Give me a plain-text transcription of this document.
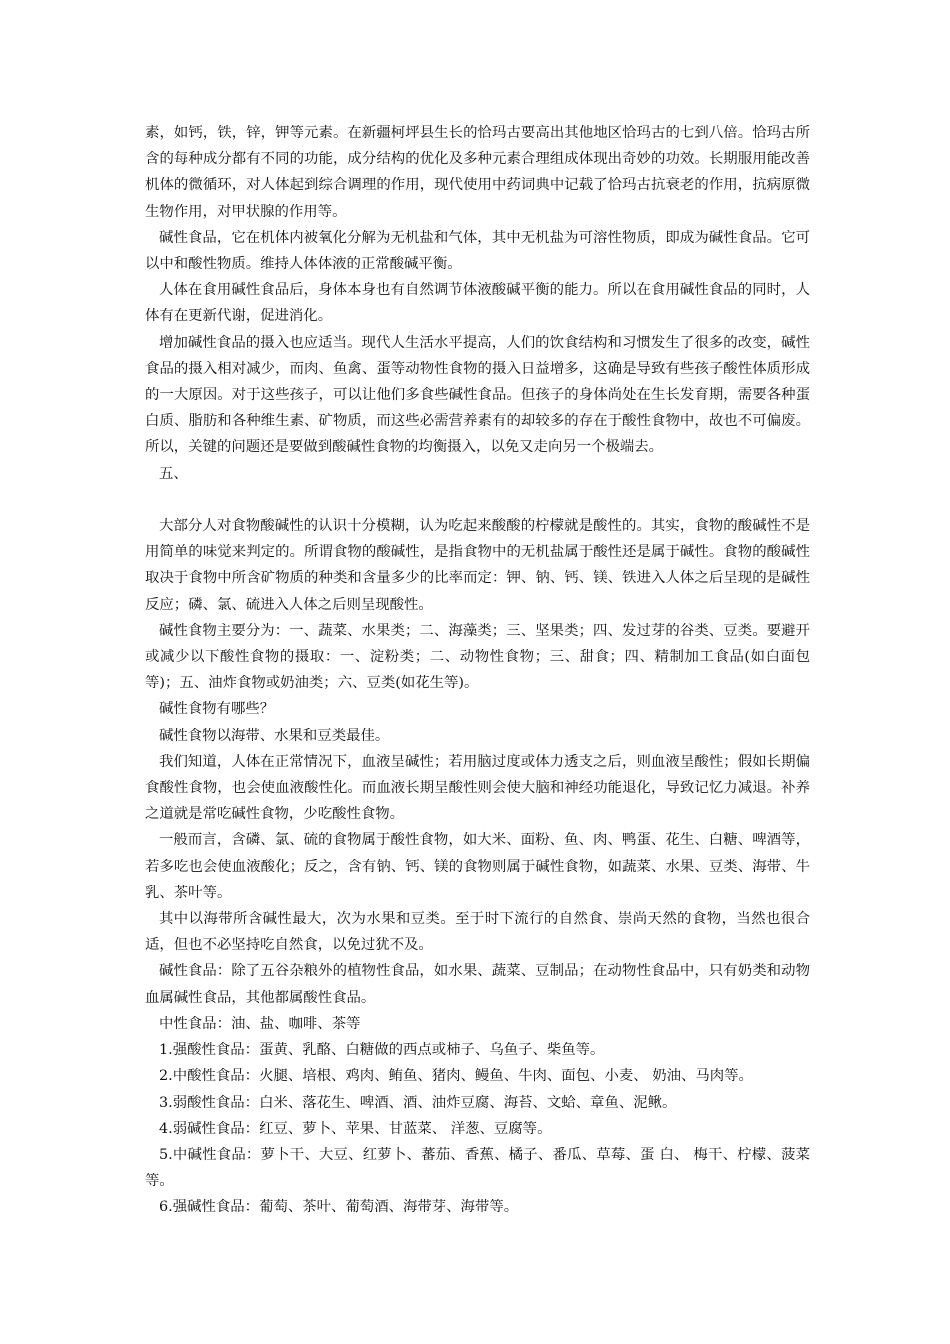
素，如钙，铁，锌，钾等元素。在新疆柯坪县生长的恰玛古要高出其他地区恰玛古的七到八倍。恰玛古所含的每种成分都有不同的功能，成分结构的优化及多种元素合理组成体现出奇妙的功效。长期服用能改善机体的微循环，对人体起到综合调理的作用，现代使用中药词典中记载了恰玛古抗衰老的作用，抗病原微生物作用，对甲状腺的作用等。

碱性食品，它在机体内被氧化分解为无机盐和气体，其中无机盐为可溶性物质，即成为碱性食品。它可以中和酸性物质。维持人体体液的正常酸碱平衡。

人体在食用碱性食品后，身体本身也有自然调节体液酸碱平衡的能力。所以在食用碱性食品的同时，人体有在更新代谢，促进消化。

增加碱性食品的摄入也应适当。现代人生活水平提高，人们的饮食结构和习惯发生了很多的改变，碱性食品的摄入相对减少，而肉、鱼禽、蛋等动物性食物的摄入日益增多，这确是导致有些孩子酸性体质形成的一大原因。对于这些孩子，可以让他们多食些碱性食品。但孩子的身体尚处在生长发育期，需要各种蛋白质、脂肪和各种维生素、矿物质，而这些必需营养素有的却较多的存在于酸性食物中，故也不可偏废。所以，关键的问题还是要做到酸碱性食物的均衡摄入，以免又走向另一个极端去。

五、

大部分人对食物酸碱性的认识十分模糊，认为吃起来酸酸的柠檬就是酸性的。其实，食物的酸碱性不是用简单的味觉来判定的。所谓食物的酸碱性，是指食物中的无机盐属于酸性还是属于碱性。食物的酸碱性取决于食物中所含矿物质的种类和含量多少的比率而定：钾、钠、钙、镁、铁进入人体之后呈现的是碱性反应；磷、氯、硫进入人体之后则呈现酸性。

碱性食物主要分为：一、蔬菜、水果类；二、海藻类；三、坚果类；四、发过芽的谷类、豆类。要避开或减少以下酸性食物的摄取：一、淀粉类；二、动物性食物；三、甜食；四、精制加工食品(如白面包等)；五、油炸食物或奶油类；六、豆类(如花生等)。

碱性食物有哪些？

碱性食物以海带、水果和豆类最佳。

我们知道，人体在正常情况下，血液呈碱性；若用脑过度或体力透支之后，则血液呈酸性；假如长期偏食酸性食物，也会使血液酸性化。而血液长期呈酸性则会使大脑和神经功能退化，导致记忆力减退。补养之道就是常吃碱性食物，少吃酸性食物。

一般而言，含磷、氯、硫的食物属于酸性食物，如大米、面粉、鱼、肉、鸭蛋、花生、白糖、啤酒等，若多吃也会使血液酸化；反之，含有钠、钙、镁的食物则属于碱性食物，如蔬菜、水果、豆类、海带、牛乳、茶叶等。

其中以海带所含碱性最大，次为水果和豆类。至于时下流行的自然食、崇尚天然的食物，当然也很合适，但也不必坚持吃自然食，以免过犹不及。

碱性食品：除了五谷杂粮外的植物性食品，如水果、蔬菜、豆制品；在动物性食品中，只有奶类和动物血属碱性食品，其他都属酸性食品。

中性食品：油、盐、咖啡、茶等

1.强酸性食品：蛋黄、乳酪、白糖做的西点或柿子、乌鱼子、柴鱼等。

2.中酸性食品：火腿、培根、鸡肉、鲔鱼、猪肉、鳗鱼、牛肉、面包、小麦、 奶油、马肉等。

3.弱酸性食品：白米、落花生、啤酒、酒、油炸豆腐、海苔、文蛤、章鱼、泥鳅。

4.弱碱性食品：红豆、萝卜、苹果、甘蓝菜、 洋葱、豆腐等。

5.中碱性食品：萝卜干、大豆、红萝卜、蕃茄、香蕉、橘子、番瓜、草莓、蛋 白、 梅干、柠檬、菠菜等。

6.强碱性食品：葡萄、茶叶、葡萄酒、海带芽、海带等。
